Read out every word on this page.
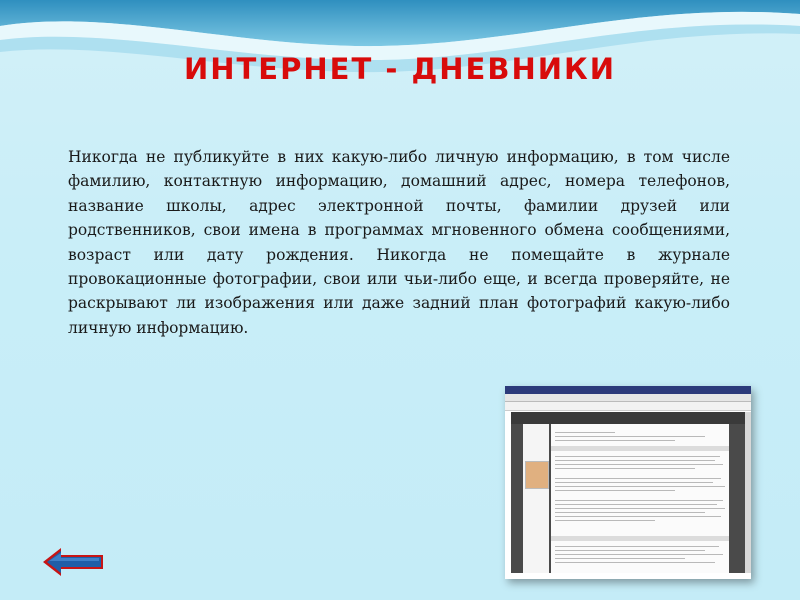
ИНТЕРНЕТ - ДНЕВНИКИ

Никогда не публикуйте в них какую-либо личную информацию, в том числе фамилию, контактную информацию, домашний адрес, номера телефонов, название школы, адрес электронной почты, фамилии друзей или родственников, свои имена в программах мгновенного обмена сообщениями, возраст или дату рождения. Никогда не помещайте в журнале провокационные фотографии, свои или чьи-либо еще, и всегда проверяйте, не раскрывают ли изображения или даже задний план фотографий какую-либо личную информацию.
